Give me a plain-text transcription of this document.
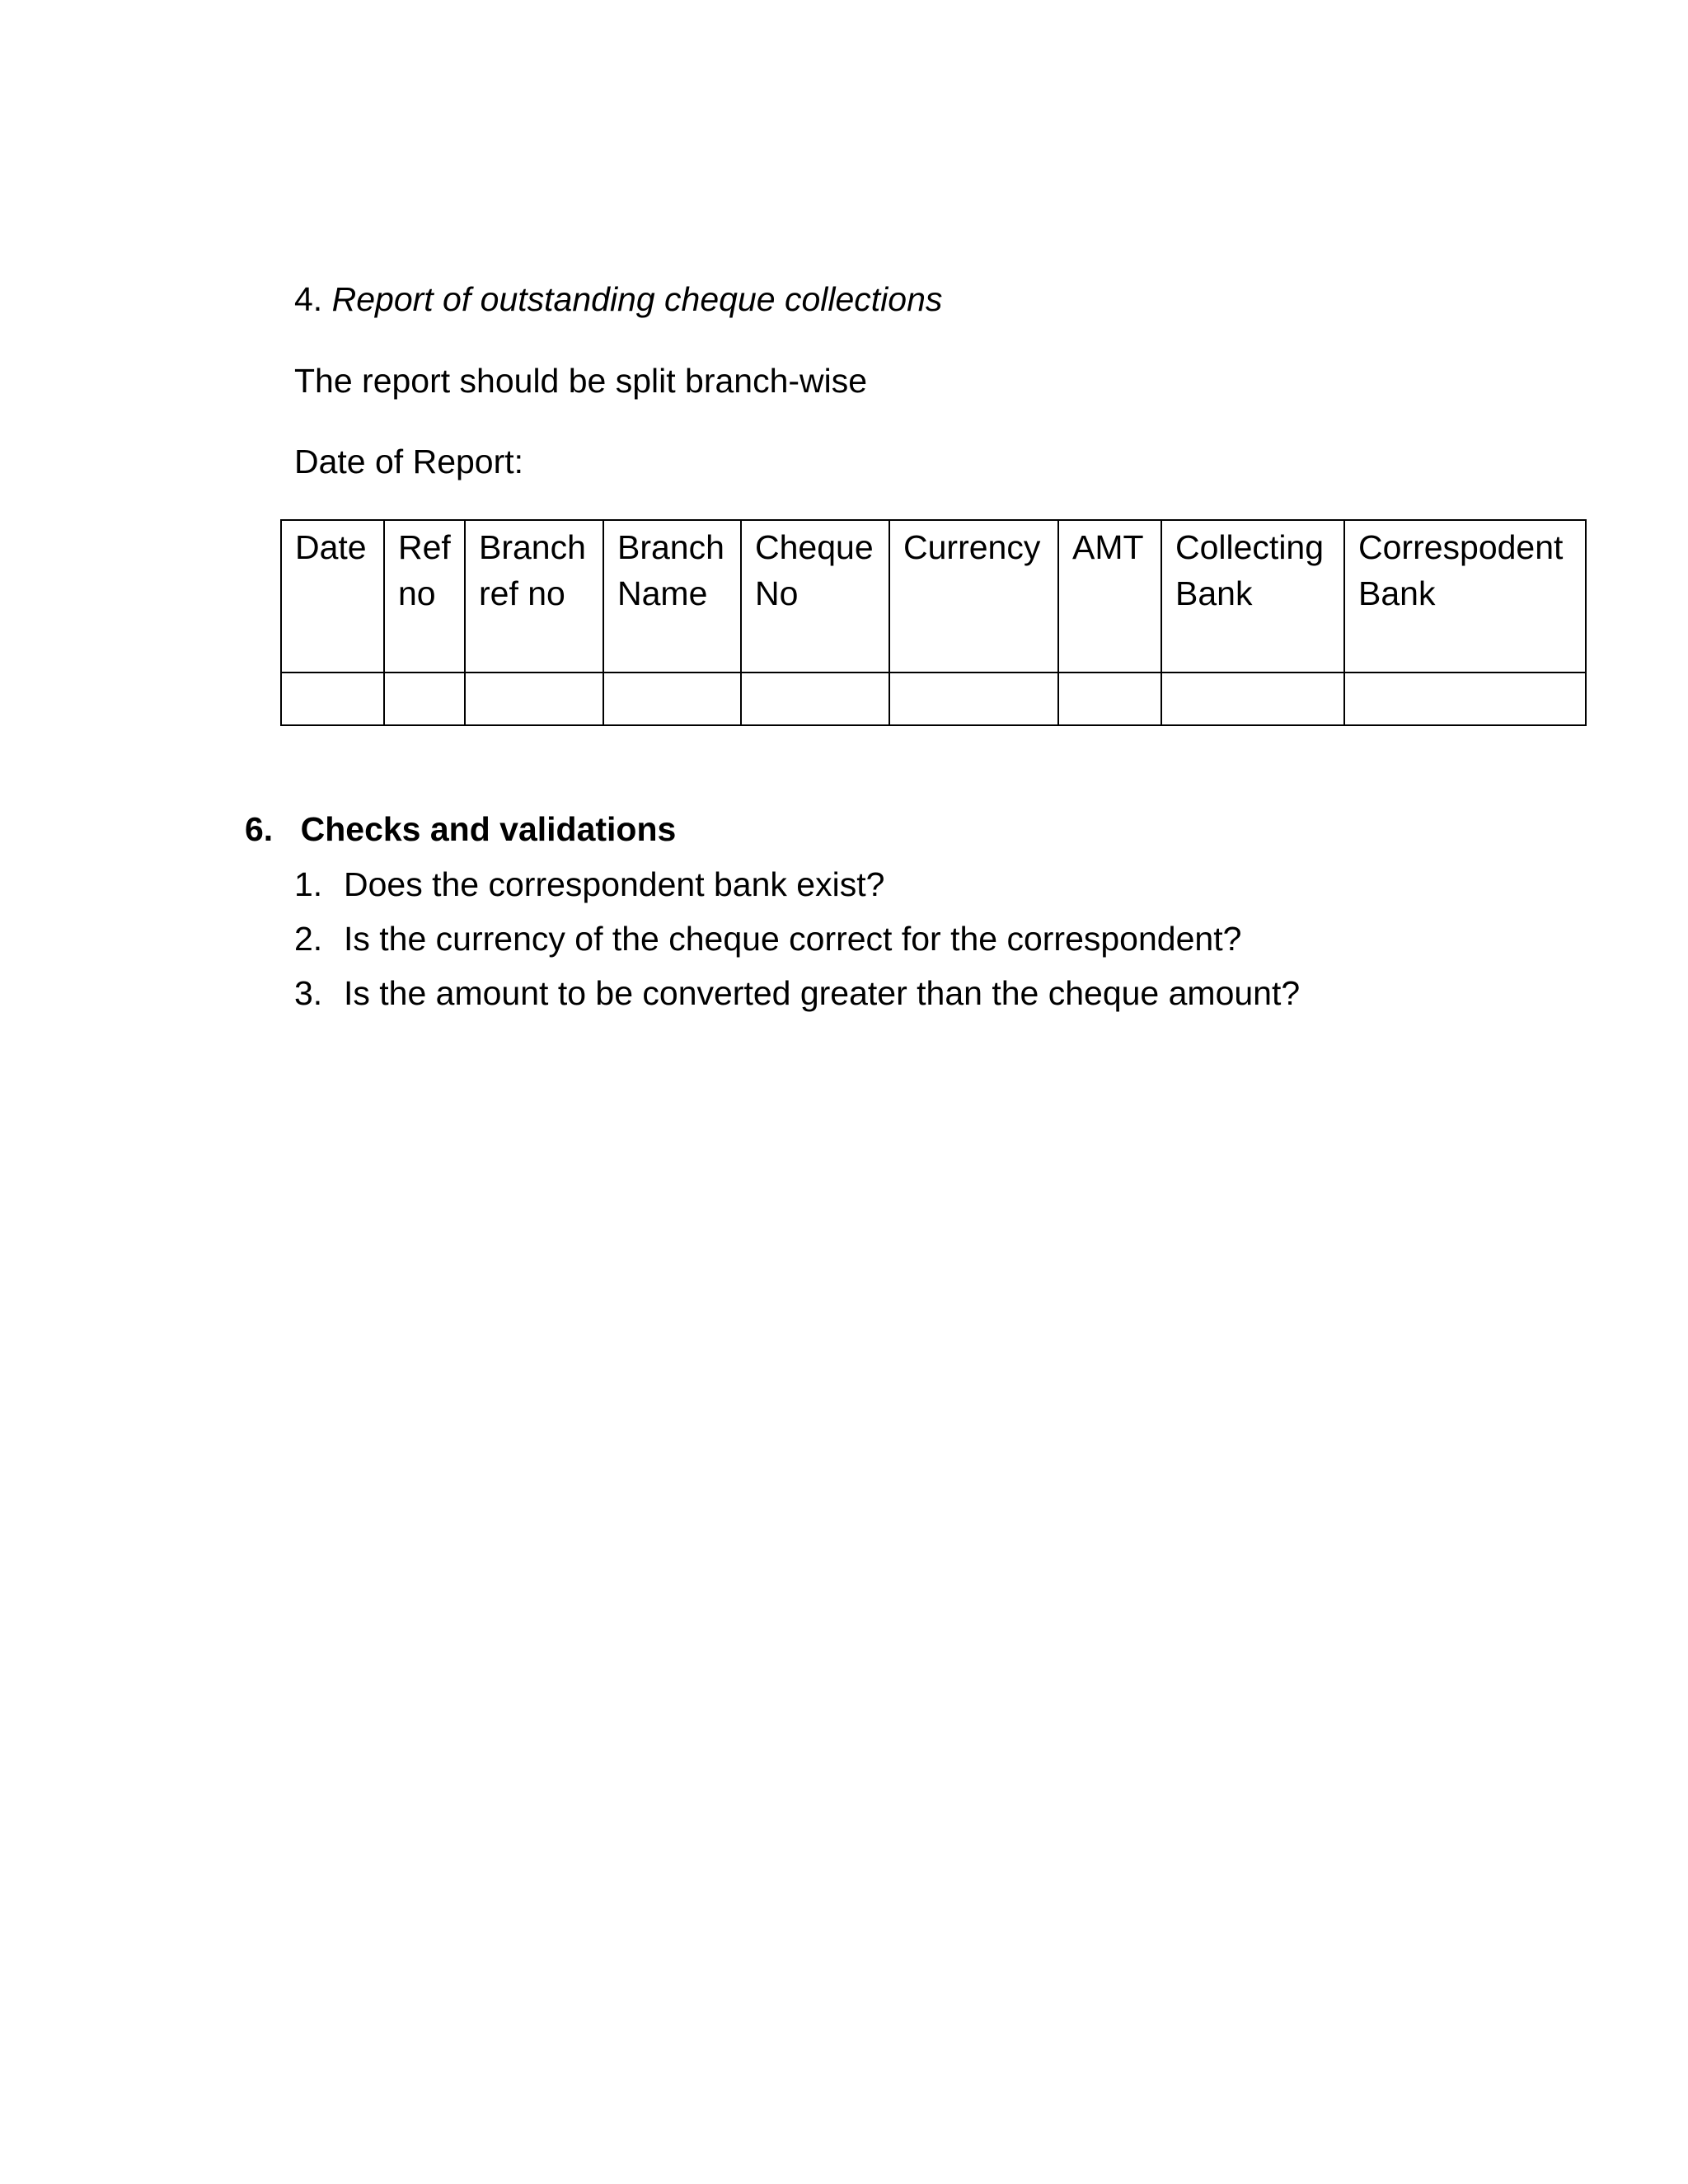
4. Report of outstanding cheque collections
The report should be split branch-wise
Date of Report:
Date	Ref no	Branch ref no	Branch Name	Cheque No	Currency	AMT	Collecting Bank	Correspodent Bank

6. Checks and validations
1. Does the correspondent bank exist?
2. Is the currency of the cheque correct for the correspondent?
3. Is the amount to be converted greater than the cheque amount?
